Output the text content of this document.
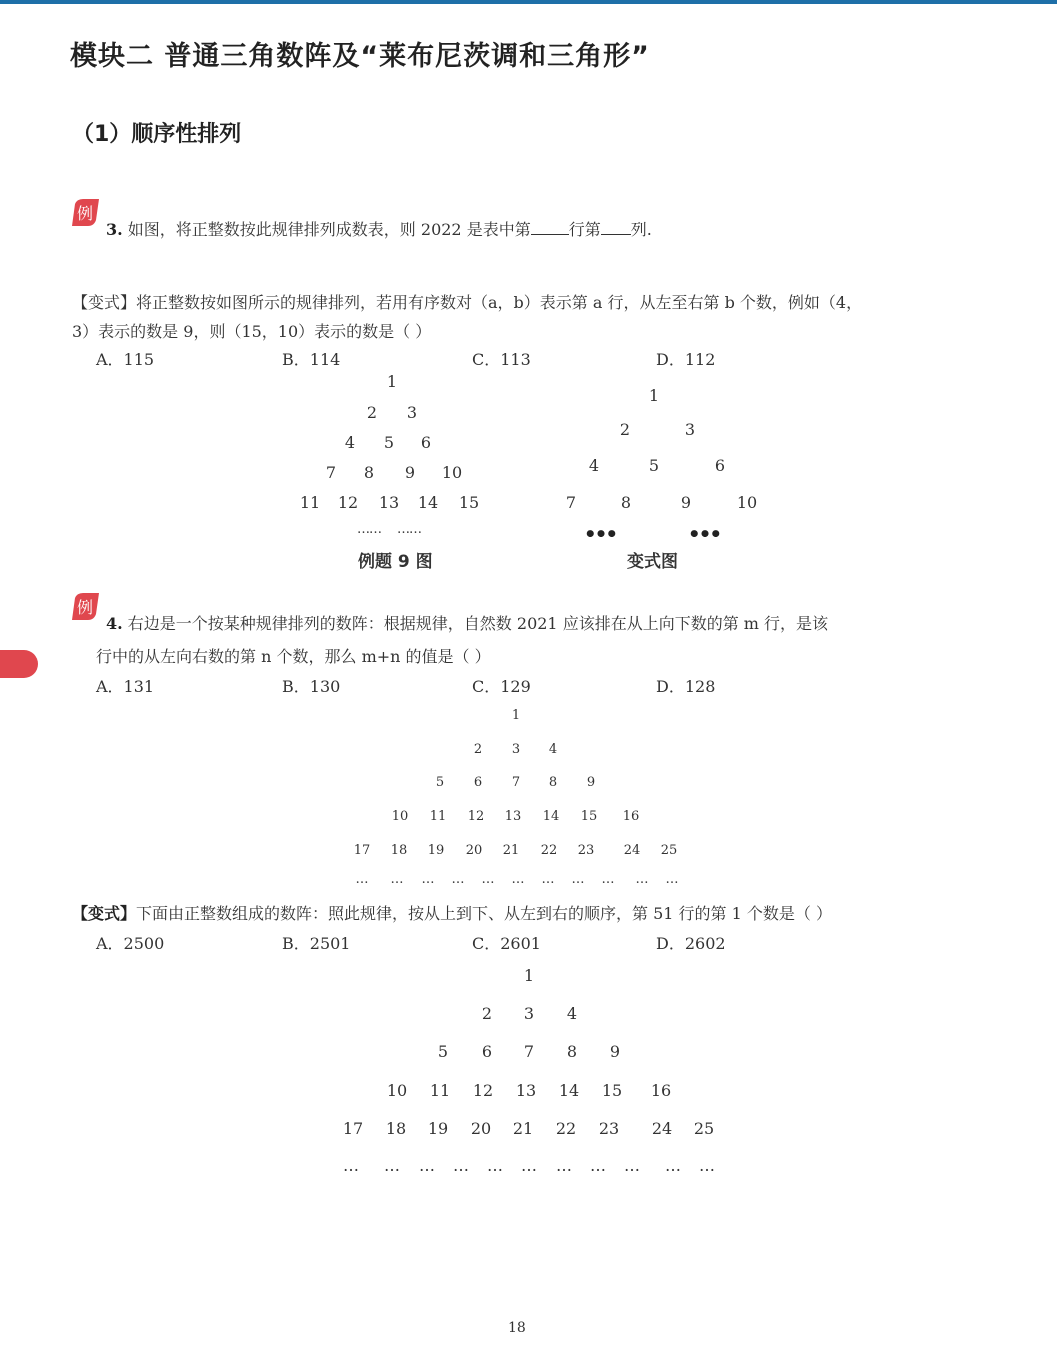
模块二 普通三角数阵及“莱布尼茨调和三角形”
（1）顺序性排列
例
3. 如图，将正整数按此规律排列成数表，则 2022 是表中第 行第 列.
【变式】将正整数按如图所示的规律排列，若用有序数对（a，b）表示第 a 行，从左至右第 b 个数，例如（4，
3）表示的数是 9，则（15，10）表示的数是（ ）
A．115	B．114	C．113	D．112
1
2	3
4	5	6
7	8	9	10
11	12	13	14	15
…… ……
例题 9 图
1
2	3
4	5	6
7	8	9	10
•••	•••
变式图
例
4. 右边是一个按某种规律排列的数阵：根据规律，自然数 2021 应该排在从上向下数的第 m 行，是该
行中的从左向右数的第 n 个数，那么 m+n 的值是（ ）
A．131	B．130	C．129	D．128
1
2	3	4
5	6	7	8	9
10	11	12	13	14	15	16
17	18	19	20	21	22	23	24	25
…	…	…	…	…	…	…	…	…	…	…
【变式】下面由正整数组成的数阵：照此规律，按从上到下、从左到右的顺序，第 51 行的第 1 个数是（ ）
A．2500	B．2501	C．2601	D．2602
1
2	3	4
5	6	7	8	9
10	11	12	13	14	15	16
17	18	19	20	21	22	23	24	25
…	…	…	…	…	…	…	…	…	…	…
18
